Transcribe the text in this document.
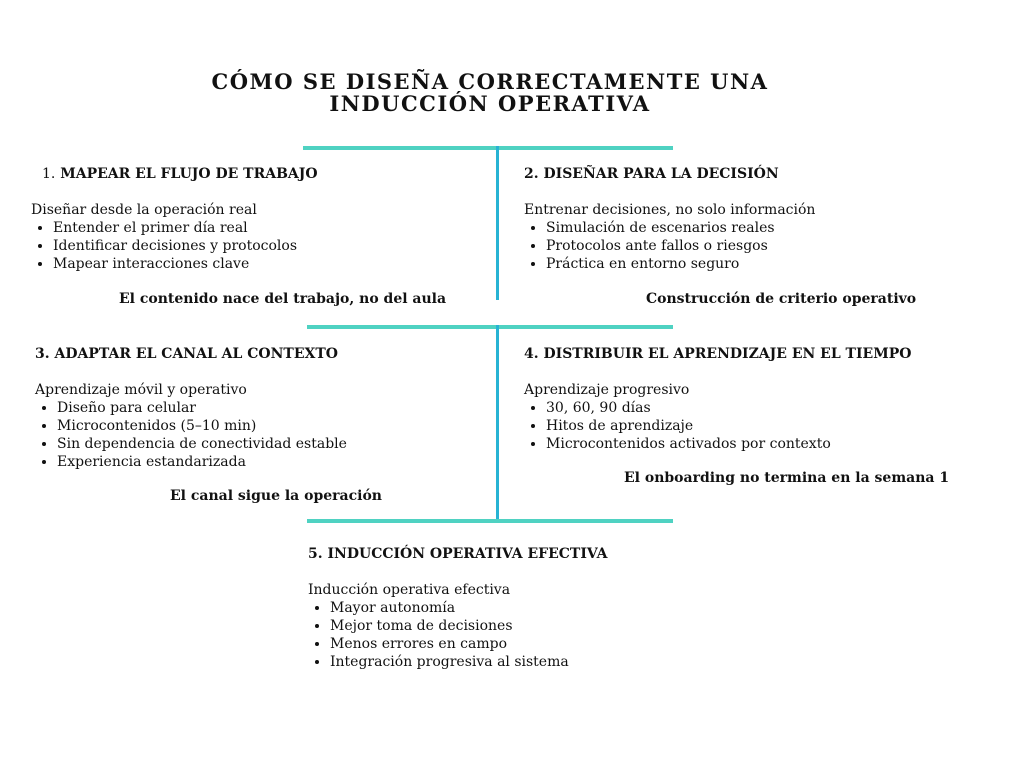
CÓMO SE DISEÑA CORRECTAMENTE UNA
INDUCCIÓN OPERATIVA
1. MAPEAR EL FLUJO DE TRABAJO
Diseñar desde la operación real
• Entender el primer día real
• Identificar decisiones y protocolos
• Mapear interacciones clave
El contenido nace del trabajo, no del aula
2. DISEÑAR PARA LA DECISIÓN
Entrenar decisiones, no solo información
• Simulación de escenarios reales
• Protocolos ante fallos o riesgos
• Práctica en entorno seguro
Construcción de criterio operativo
3. ADAPTAR EL CANAL AL CONTEXTO
Aprendizaje móvil y operativo
• Diseño para celular
• Microcontenidos (5–10 min)
• Sin dependencia de conectividad estable
• Experiencia estandarizada
El canal sigue la operación
4. DISTRIBUIR EL APRENDIZAJE EN EL TIEMPO
Aprendizaje progresivo
• 30, 60, 90 días
• Hitos de aprendizaje
• Microcontenidos activados por contexto
El onboarding no termina en la semana 1
5. INDUCCIÓN OPERATIVA EFECTIVA
Inducción operativa efectiva
• Mayor autonomía
• Mejor toma de decisiones
• Menos errores en campo
• Integración progresiva al sistema
